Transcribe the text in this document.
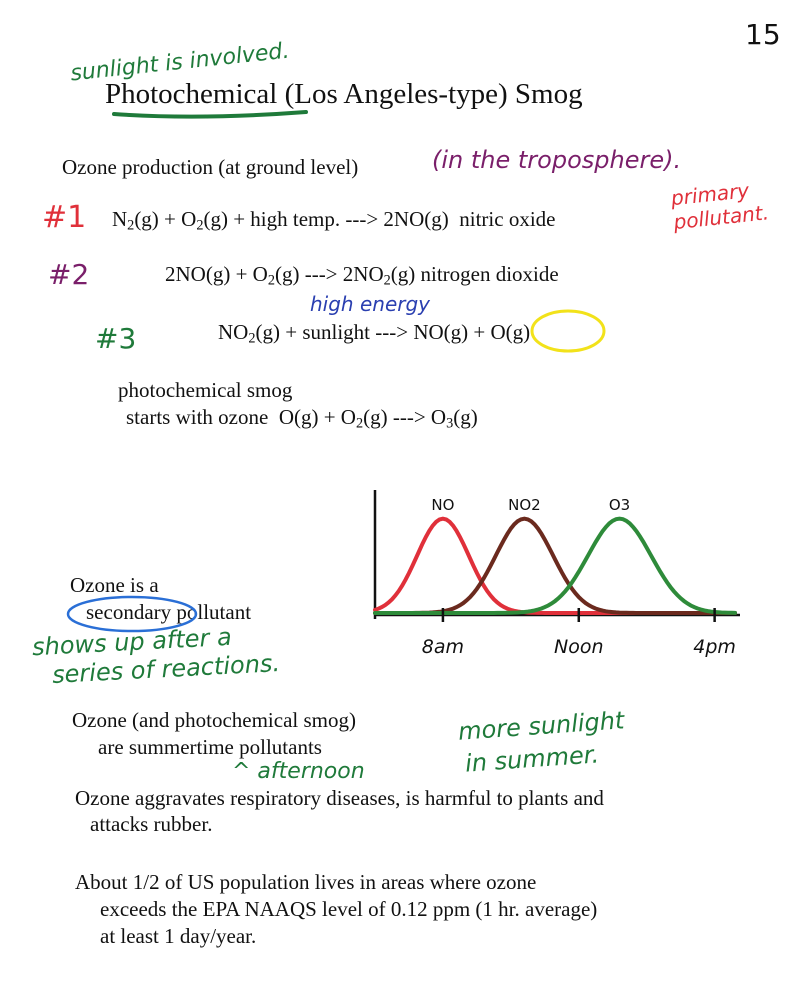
15
sunlight is involved.
Photochemical (Los Angeles-type) Smog
Ozone production (at ground level)	(in the troposphere).
#1 $N_2(g) + O_2(g)$ + high temp. ---> 2NO(g)  nitric oxide
primary pollutant.
#2	$2NO(g) + O_2(g)$ ---> $2NO_2(g)$ nitrogen dioxide
high energy
#3	$NO_2(g)$ + sunlight ---> NO(g) + O(g)
photochemical smog
starts with ozone  $O(g) + O_2(g)$ ---> $O_3(g)$
NO	NO2	O3
8am	Noon	4pm
Ozone is a
secondary pollutant
shows up after a
series of reactions.
Ozone (and photochemical smog)
are summertime pollutants
^ afternoon
more sunlight
in summer.
Ozone aggravates respiratory diseases, is harmful to plants and
attacks rubber.
About 1/2 of US population lives in areas where ozone
exceeds the EPA NAAQS level of 0.12 ppm (1 hr. average)
at least 1 day/year.
